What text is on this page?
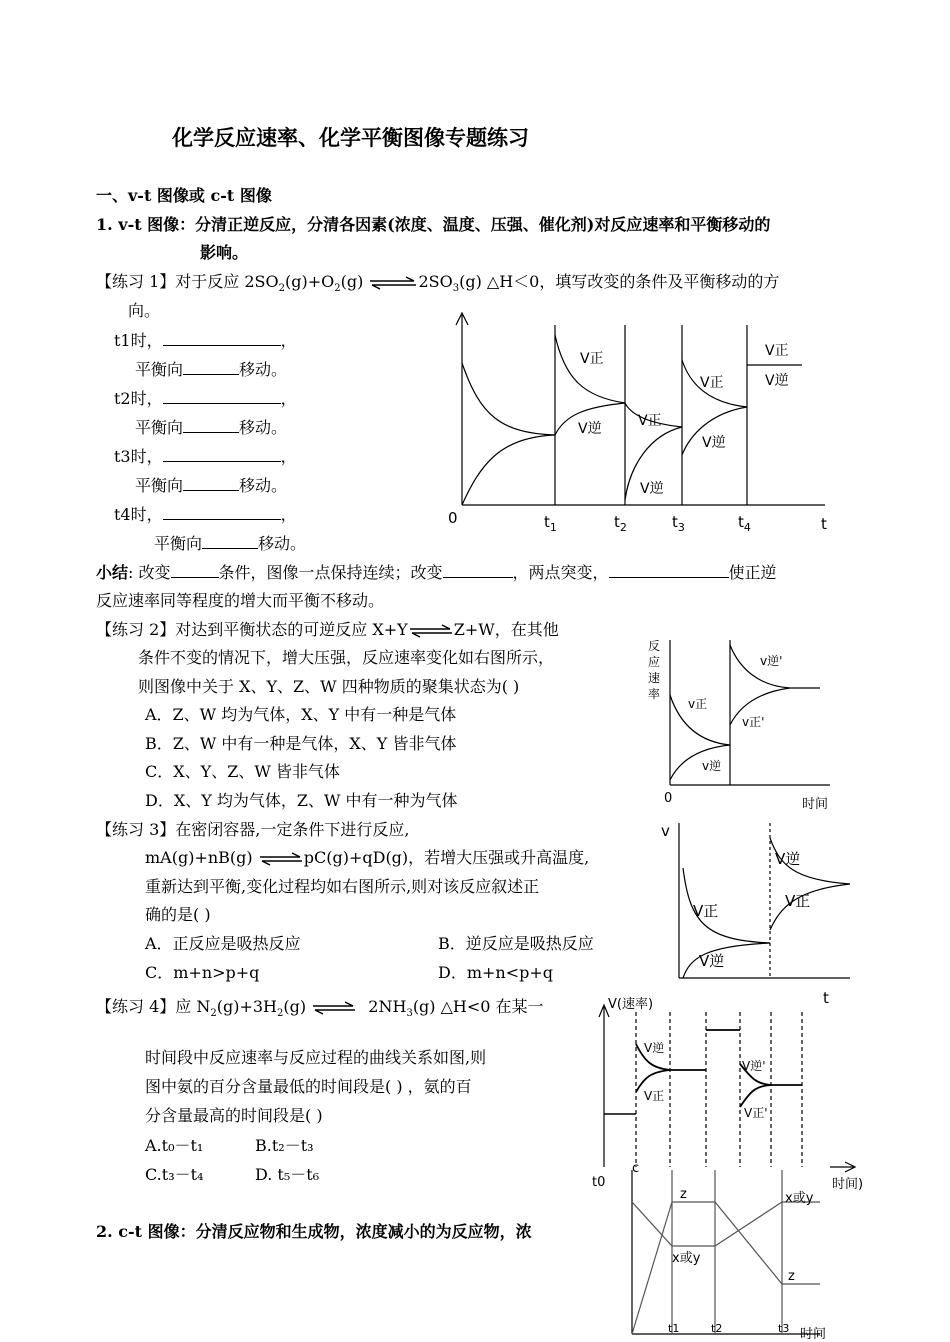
化学反应速率、化学平衡图像专题练习
一、v-t 图像或 c-t 图像
1. v-t 图像：分清正逆反应，分清各因素(浓度、温度、压强、催化剂)对反应速率和平衡移动的
影响。
【练习 1】对于反应 $2SO_2(g)+O_2(g)$ $\rightleftharpoons 2SO_3(g)$ △H＜0，填写改变的条件及平衡移动的方
向。
t1时，	，
平衡向	移动。
t2时，	，
平衡向	移动。
t3时，	，
平衡向	移动。
t4时，	，
平衡向	移动。
0	$t_1$	$t_2$	$t_3$	$t_4$	t
V正
V逆	V正
V逆
V正
V逆
V正
V逆
小结: 改变	条件，图像一点保持连续；改变	，两点突变，	使正逆
反应速率同等程度的增大而平衡不移动。
【练习 2】对达到平衡状态的可逆反应 X+Y⇌Z+W，在其他
条件不变的情况下，增大压强，反应速率变化如右图所示，
则图像中关于 X、Y、Z、W 四种物质的聚集状态为( )
A．Z、W 均为气体，X、Y 中有一种是气体
B．Z、W 中有一种是气体，X、Y 皆非气体
C．X、Y、Z、W 皆非气体
D．X、Y 均为气体，Z、W 中有一种为气体
反
应
速
率
0	时间
v正
v逆
v逆'
v正'
【练习 3】在密闭容器,一定条件下进行反应,
mA(g)+nB(g) ⇌pC(g)+qD(g)，若增大压强或升高温度,
重新达到平衡,变化过程均如右图所示,则对该反应叙述正
确的是( )
A．正反应是吸热反应	B．逆反应是吸热反应
C．m+n>p+q	D．m+n<p+q
v
t
V正
V逆
V逆
V正
【练习 4】应 $N_2(g)+3H_2(g)$ ⇌ $2NH_3(g)$ △H<0 在某一
时间段中反应速率与反应过程的曲线关系如图,则
图中氨的百分含量最低的时间段是( ) ，氨的百
分含量最高的时间段是( )
A.t₀－t₁	B.t₂－t₃
C.t₃－t₄	D. t₅－t₆
V(速率)
t0	时间)
V逆
V正
V逆'
V正'
2. c-t 图像：分清反应物和生成物，浓度减小的为反应物，浓
c
z
x或y
x或y
z
t1	t2	t3 时间
